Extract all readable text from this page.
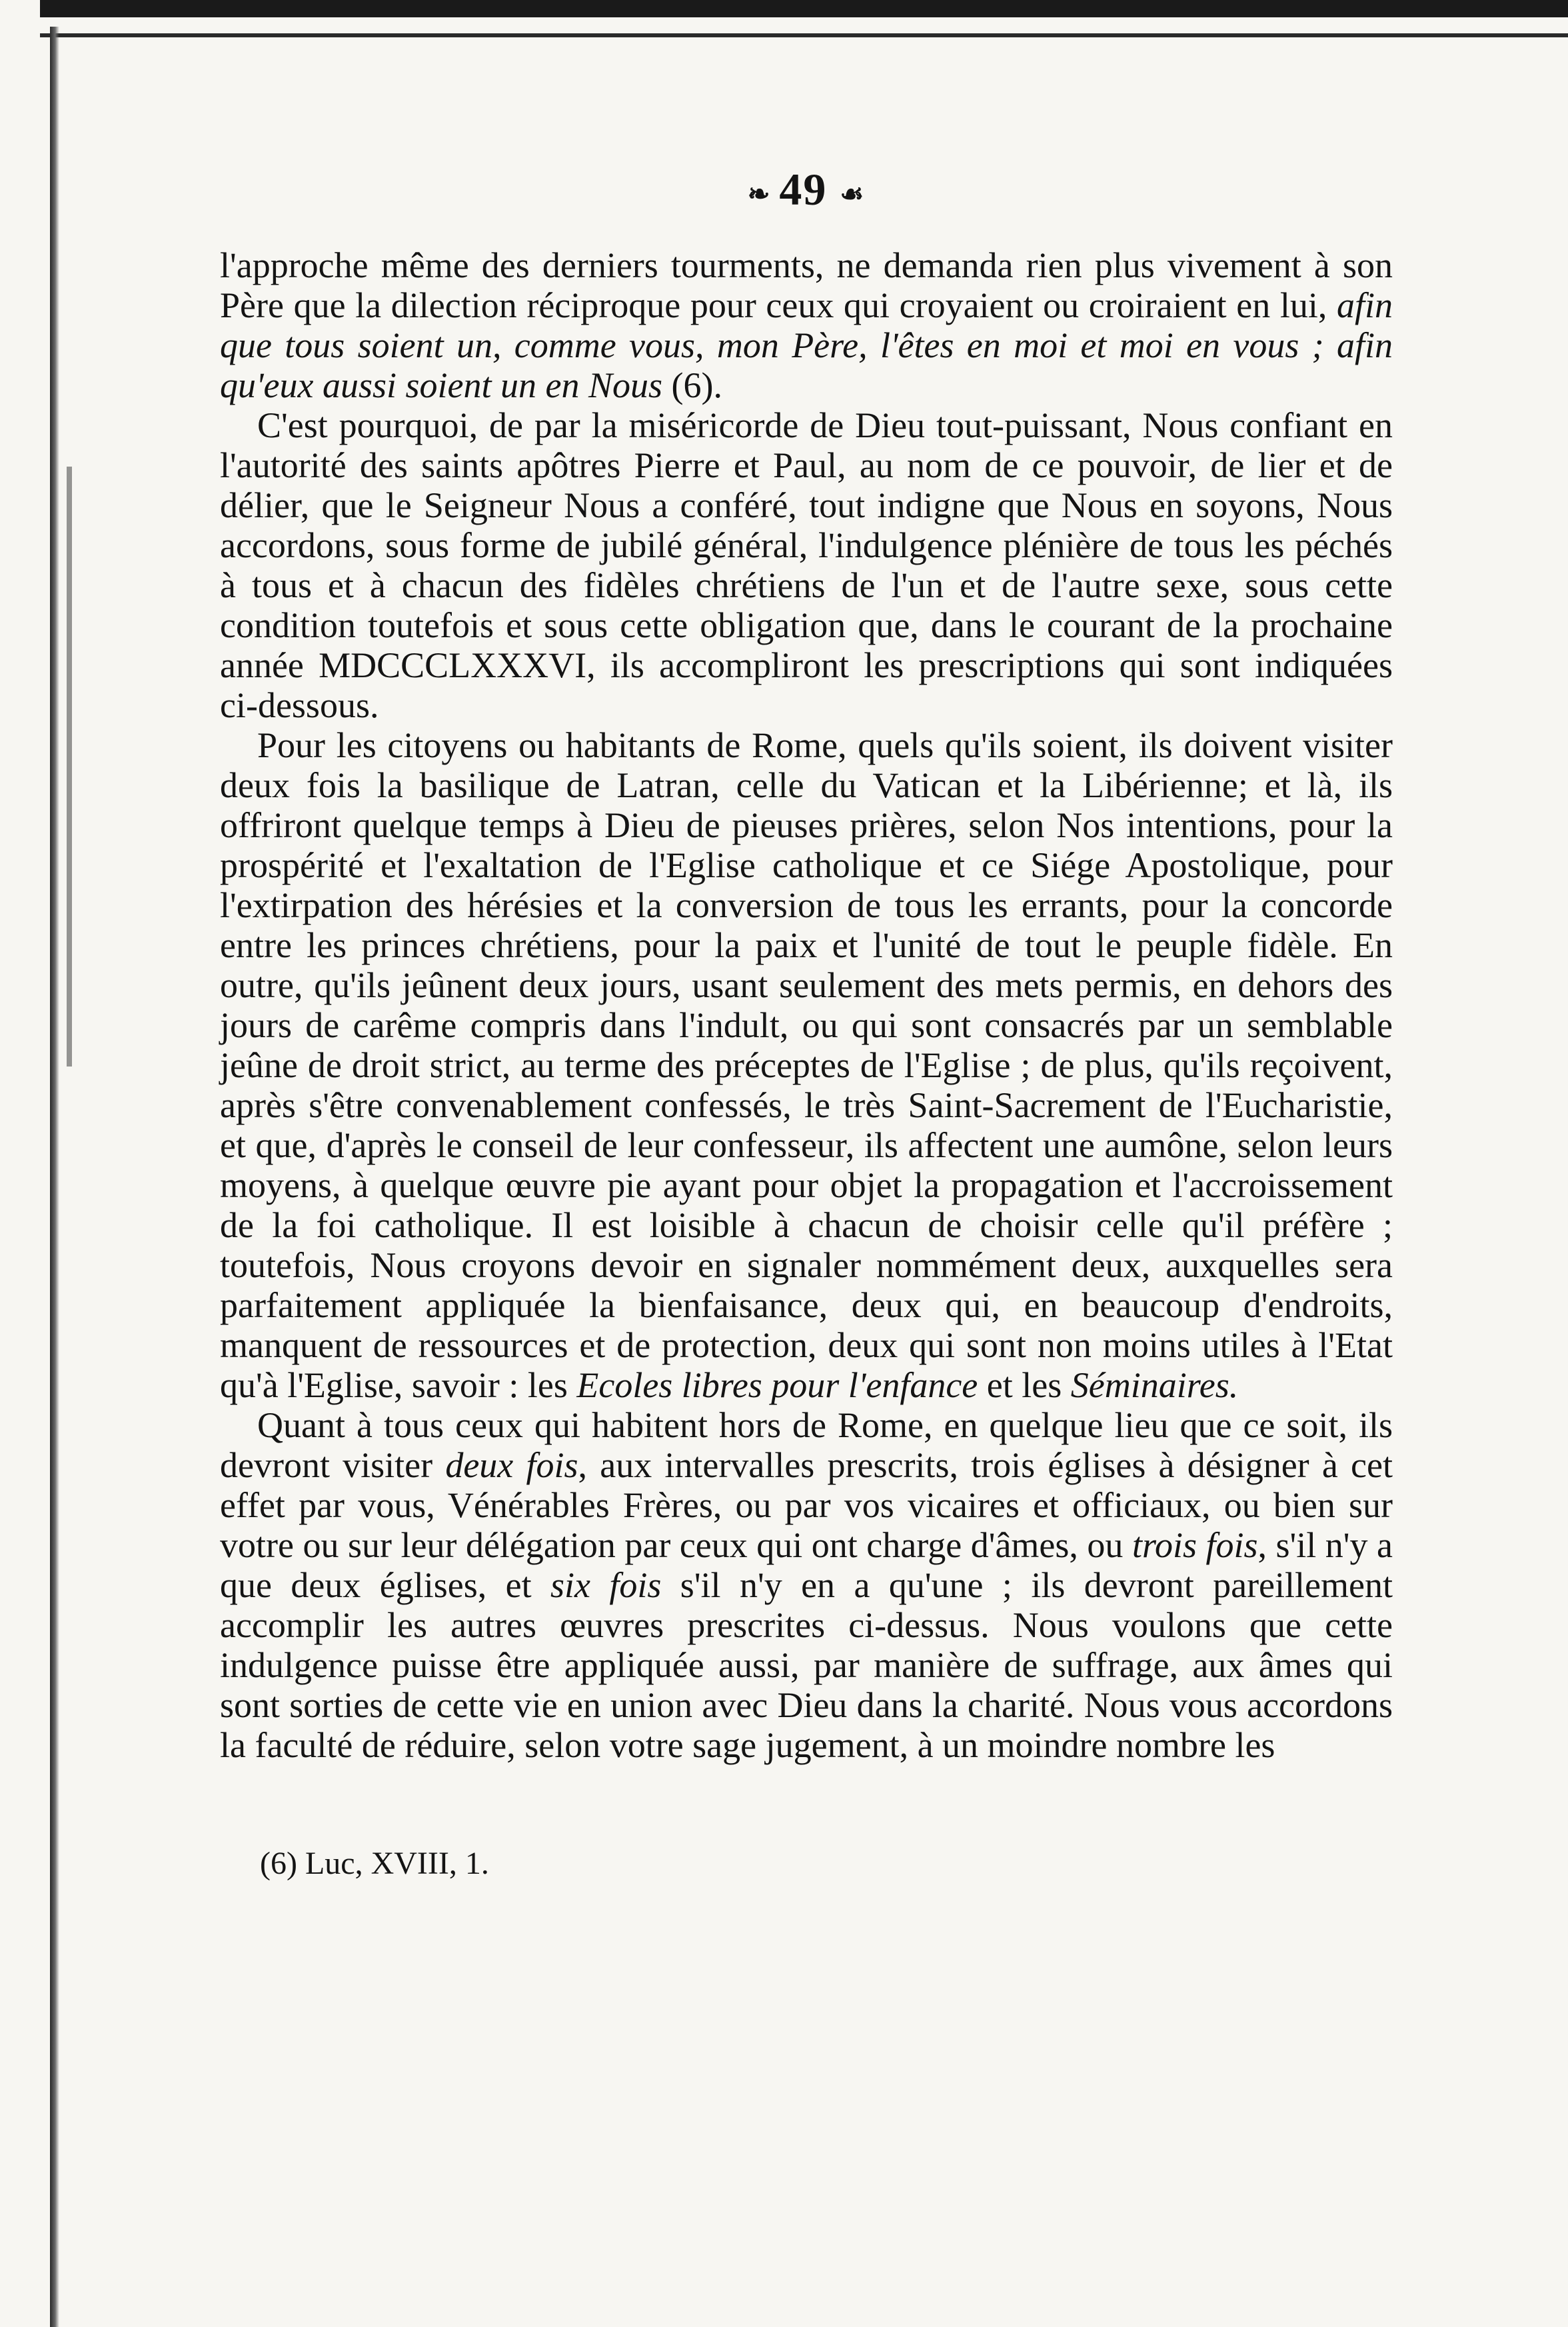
❧ 49 ☙

l'approche même des derniers tourments, ne demanda rien plus vivement à son Père que la dilection réciproque pour ceux qui croyaient ou croiraient en lui, afin que tous soient un, comme vous, mon Père, l'êtes en moi et moi en vous ; afin qu'eux aussi soient un en Nous (6).

C'est pourquoi, de par la miséricorde de Dieu tout-puissant, Nous confiant en l'autorité des saints apôtres Pierre et Paul, au nom de ce pouvoir, de lier et de délier, que le Seigneur Nous a conféré, tout indigne que Nous en soyons, Nous accordons, sous forme de jubilé général, l'indulgence plénière de tous les péchés à tous et à chacun des fidèles chrétiens de l'un et de l'autre sexe, sous cette condition toutefois et sous cette obligation que, dans le courant de la prochaine année MDCCCLXXXVI, ils accompliront les prescriptions qui sont indiquées ci-dessous.

Pour les citoyens ou habitants de Rome, quels qu'ils soient, ils doivent visiter deux fois la basilique de Latran, celle du Vatican et la Libérienne; et là, ils offriront quelque temps à Dieu de pieuses prières, selon Nos intentions, pour la prospérité et l'exaltation de l'Eglise catholique et ce Siége Apostolique, pour l'extirpation des hérésies et la conversion de tous les errants, pour la concorde entre les princes chrétiens, pour la paix et l'unité de tout le peuple fidèle. En outre, qu'ils jeûnent deux jours, usant seulement des mets permis, en dehors des jours de carême compris dans l'indult, ou qui sont consacrés par un semblable jeûne de droit strict, au terme des préceptes de l'Eglise ; de plus, qu'ils reçoivent, après s'être convenablement confessés, le très Saint-Sacrement de l'Eucharistie, et que, d'après le conseil de leur confesseur, ils affectent une aumône, selon leurs moyens, à quelque œuvre pie ayant pour objet la propagation et l'accroissement de la foi catholique. Il est loisible à chacun de choisir celle qu'il préfère ; toutefois, Nous croyons devoir en signaler nommément deux, auxquelles sera parfaitement appliquée la bienfaisance, deux qui, en beaucoup d'endroits, manquent de ressources et de protection, deux qui sont non moins utiles à l'Etat qu'à l'Eglise, savoir : les Ecoles libres pour l'enfance et les Séminaires.

Quant à tous ceux qui habitent hors de Rome, en quelque lieu que ce soit, ils devront visiter deux fois, aux intervalles prescrits, trois églises à désigner à cet effet par vous, Vénérables Frères, ou par vos vicaires et officiaux, ou bien sur votre ou sur leur délégation par ceux qui ont charge d'âmes, ou trois fois, s'il n'y a que deux églises, et six fois s'il n'y en a qu'une ; ils devront pareillement accomplir les autres œuvres prescrites ci-dessus. Nous voulons que cette indulgence puisse être appliquée aussi, par manière de suffrage, aux âmes qui sont sorties de cette vie en union avec Dieu dans la charité. Nous vous accordons la faculté de réduire, selon votre sage jugement, à un moindre nombre les

(6) Luc, XVIII, 1.
